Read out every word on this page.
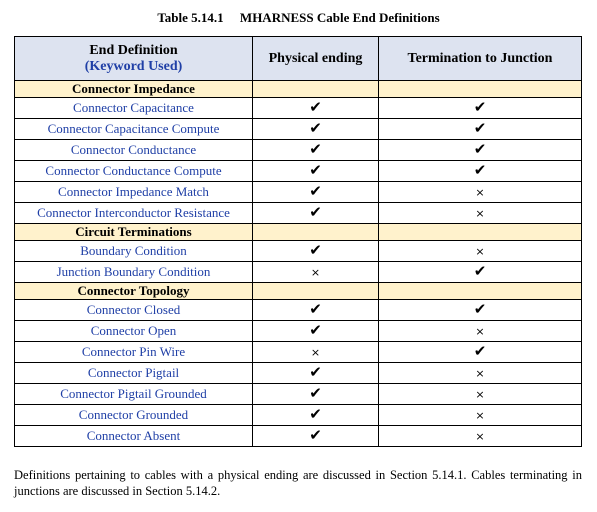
Table 5.14.1     MHARNESS Cable End Definitions
End Definition
(Keyword Used)	Physical ending	Termination to Junction
Connector Impedance		
Connector Capacitance	✔	✔
Connector Capacitance Compute	✔	✔
Connector Conductance	✔	✔
Connector Conductance Compute	✔	✔
Connector Impedance Match	✔	×
Connector Interconductor Resistance	✔	×
Circuit Terminations		
Boundary Condition	✔	×
Junction Boundary Condition	×	✔
Connector Topology		
Connector Closed	✔	✔
Connector Open	✔	×
Connector Pin Wire	×	✔
Connector Pigtail	✔	×
Connector Pigtail Grounded	✔	×
Connector Grounded	✔	×
Connector Absent	✔	×
Definitions pertaining to cables with a physical ending are discussed in Section 5.14.1. Cables terminating in junctions are discussed in Section 5.14.2.
